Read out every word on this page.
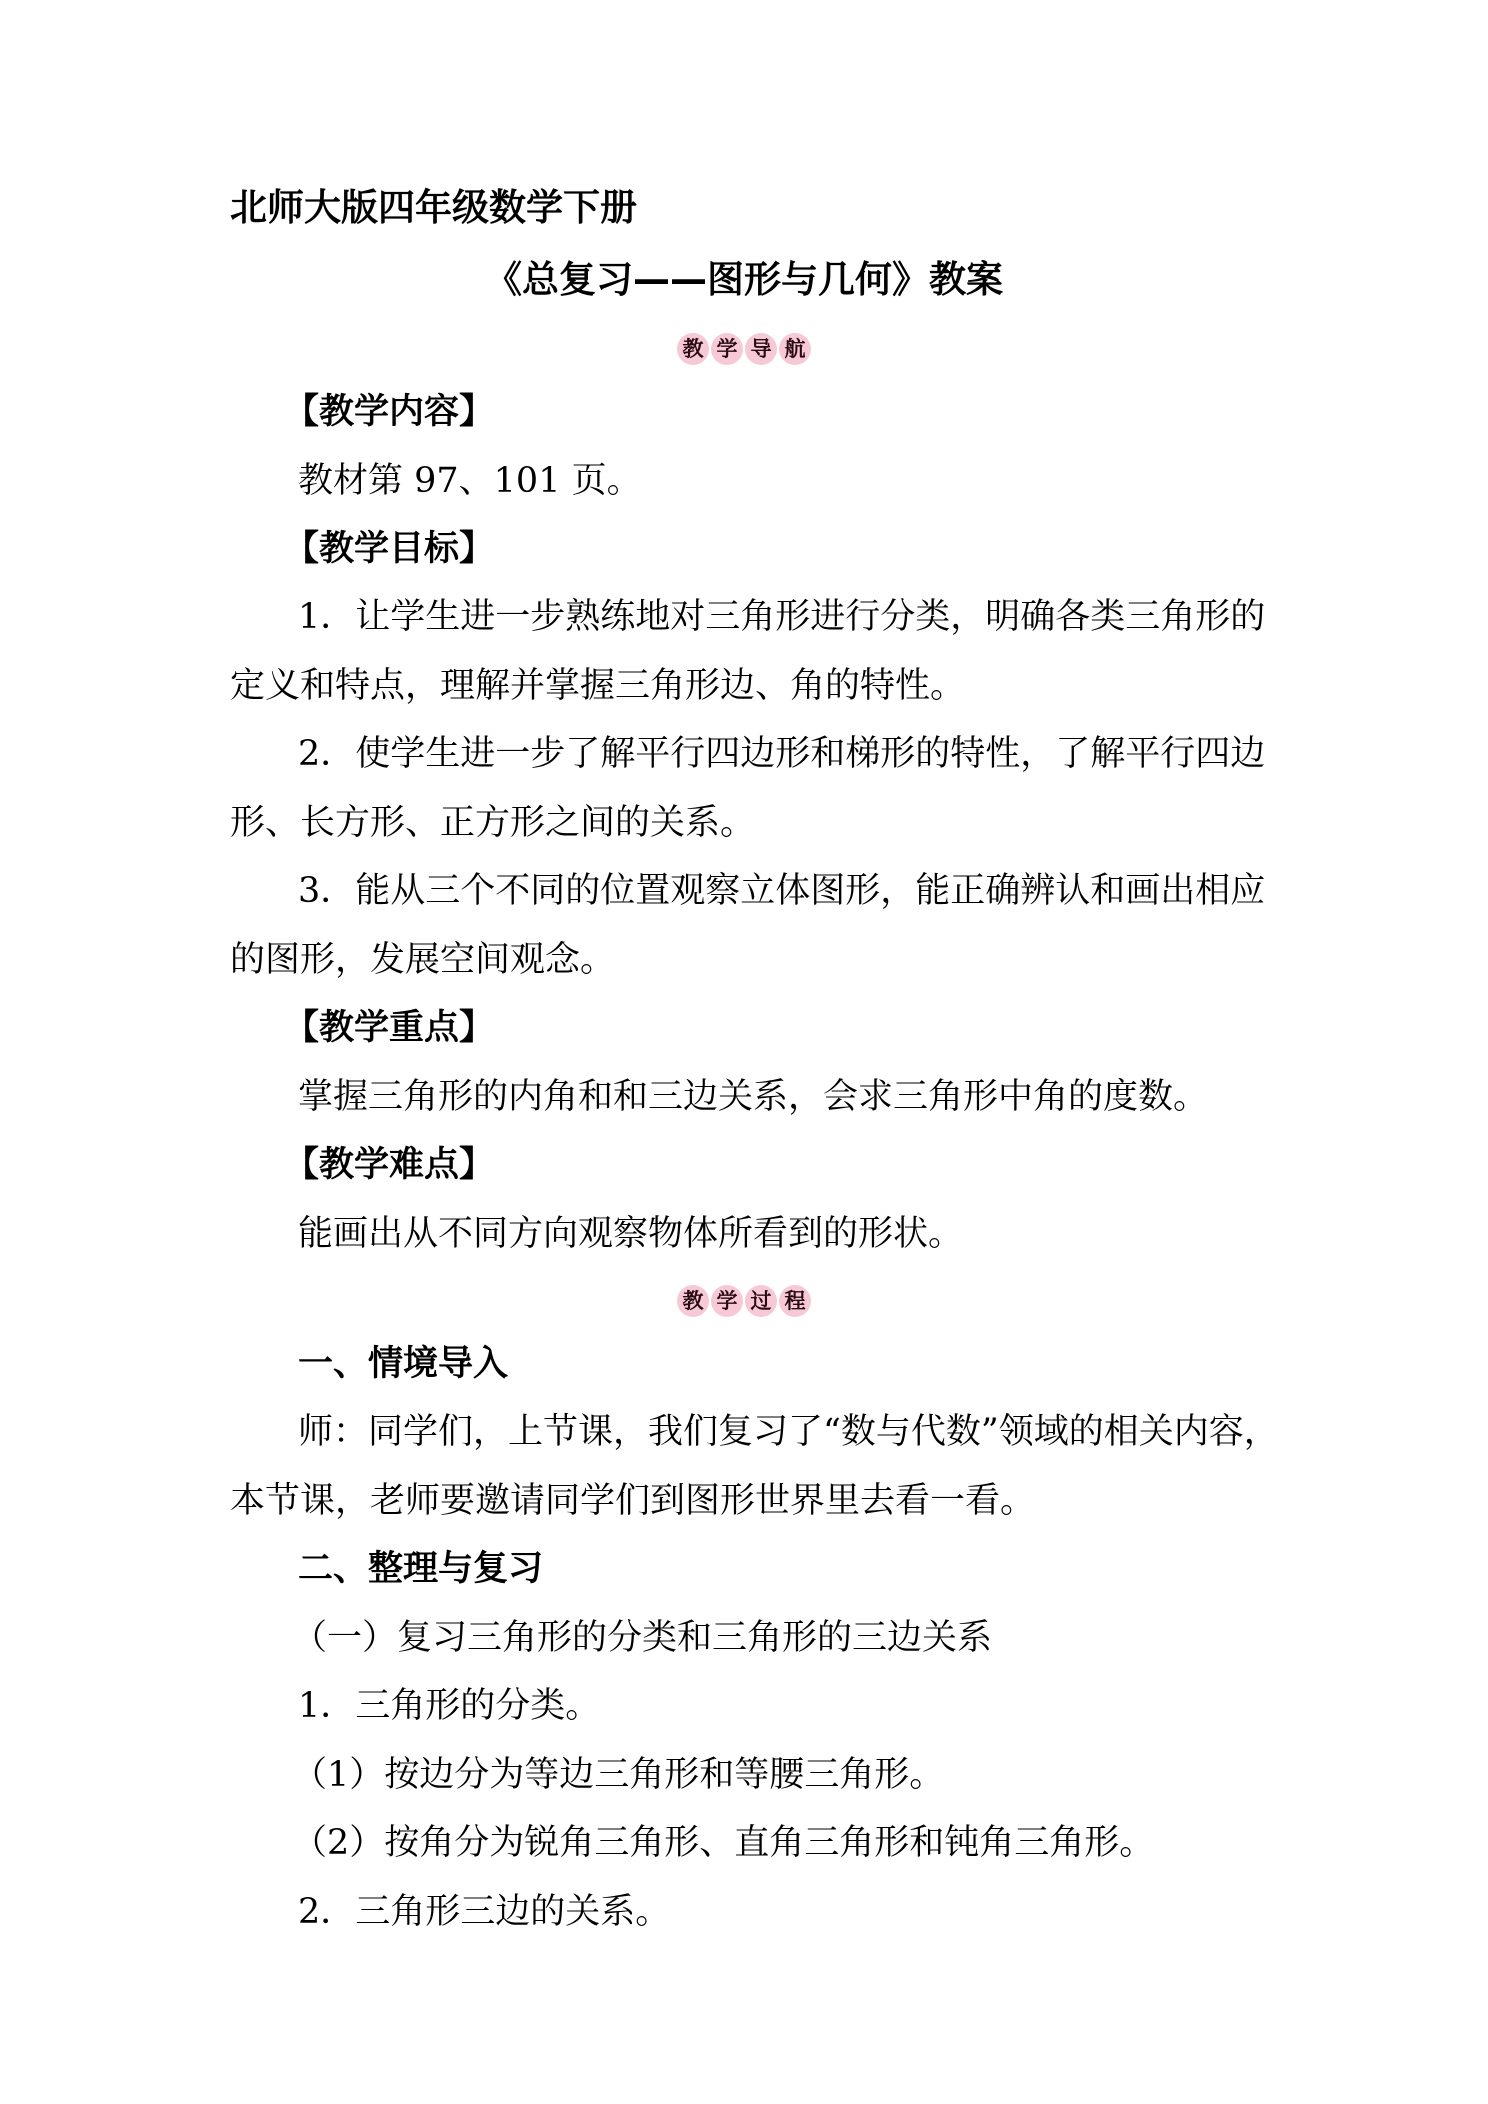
北师大版四年级数学下册
《总复习——图形与几何》教案
教 学 导 航
【教学内容】
教材第 97、101 页。
【教学目标】
1．让学生进一步熟练地对三角形进行分类，明确各类三角形的
定义和特点，理解并掌握三角形边、角的特性。
2．使学生进一步了解平行四边形和梯形的特性，了解平行四边
形、长方形、正方形之间的关系。
3．能从三个不同的位置观察立体图形，能正确辨认和画出相应
的图形，发展空间观念。
【教学重点】
掌握三角形的内角和和三边关系，会求三角形中角的度数。
【教学难点】
能画出从不同方向观察物体所看到的形状。
教 学 过 程
一、情境导入
师：同学们，上节课，我们复习了“数与代数”领域的相关内容，
本节课，老师要邀请同学们到图形世界里去看一看。
二、整理与复习
（一）复习三角形的分类和三角形的三边关系
1．三角形的分类。
（1）按边分为等边三角形和等腰三角形。
（2）按角分为锐角三角形、直角三角形和钝角三角形。
2．三角形三边的关系。
